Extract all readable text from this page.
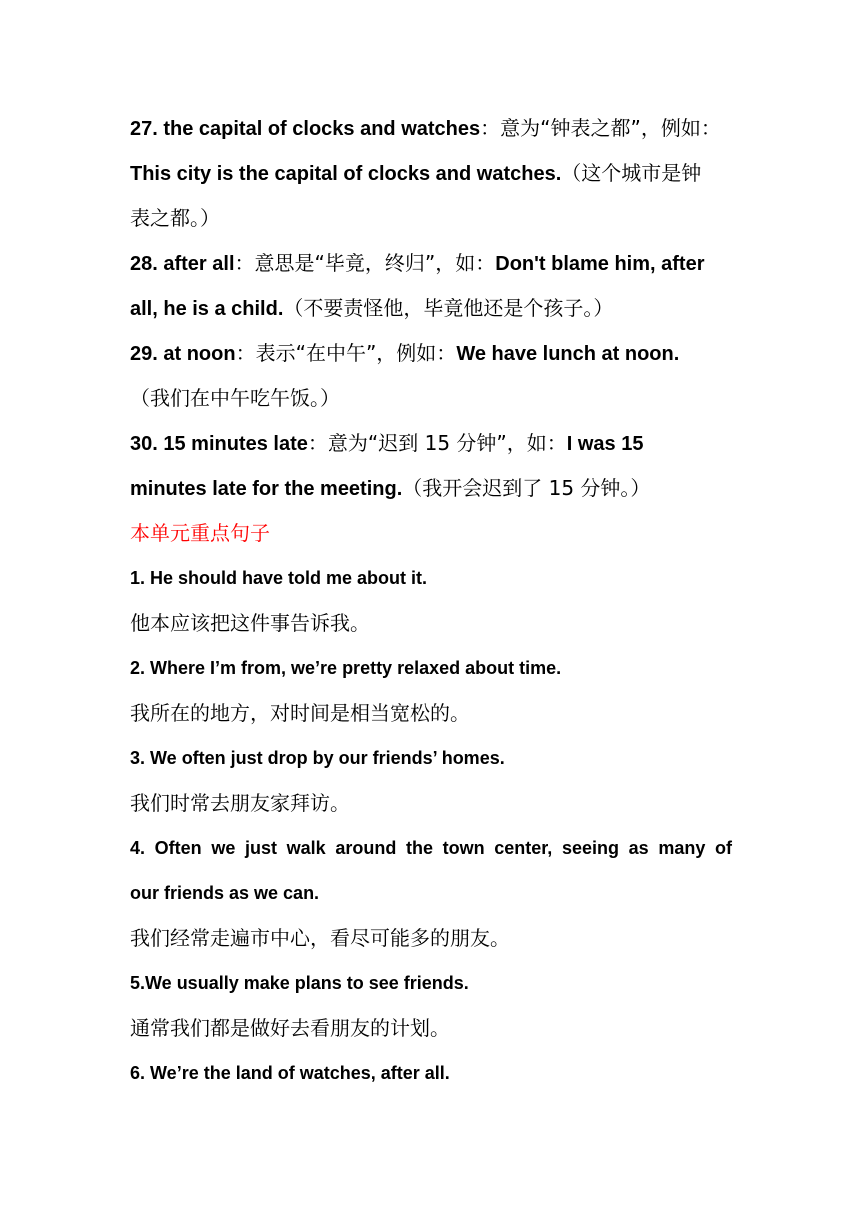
27. the capital of clocks and watches：意为“钟表之都”，例如：
This city is the capital of clocks and watches.（这个城市是钟
表之都。）
28. after all：意思是“毕竟，终归”，如：Don't blame him, after
all, he is a child.（不要责怪他，毕竟他还是个孩子。）
29. at noon：表示“在中午”，例如：We have lunch at noon.
（我们在中午吃午饭。）
30. 15 minutes late：意为“迟到 15 分钟”，如：I was 15
minutes late for the meeting.（我开会迟到了 15 分钟。）
本单元重点句子
1. He should have told me about it.
他本应该把这件事告诉我。
2. Where I’m from, we’re pretty relaxed about time.
我所在的地方，对时间是相当宽松的。
3. We often just drop by our friends’ homes.
我们时常去朋友家拜访。
4. Often we just walk around the town center, seeing as many of
our friends as we can.
我们经常走遍市中心，看尽可能多的朋友。
5.We usually make plans to see friends.
通常我们都是做好去看朋友的计划。
6. We’re the land of watches, after all.
